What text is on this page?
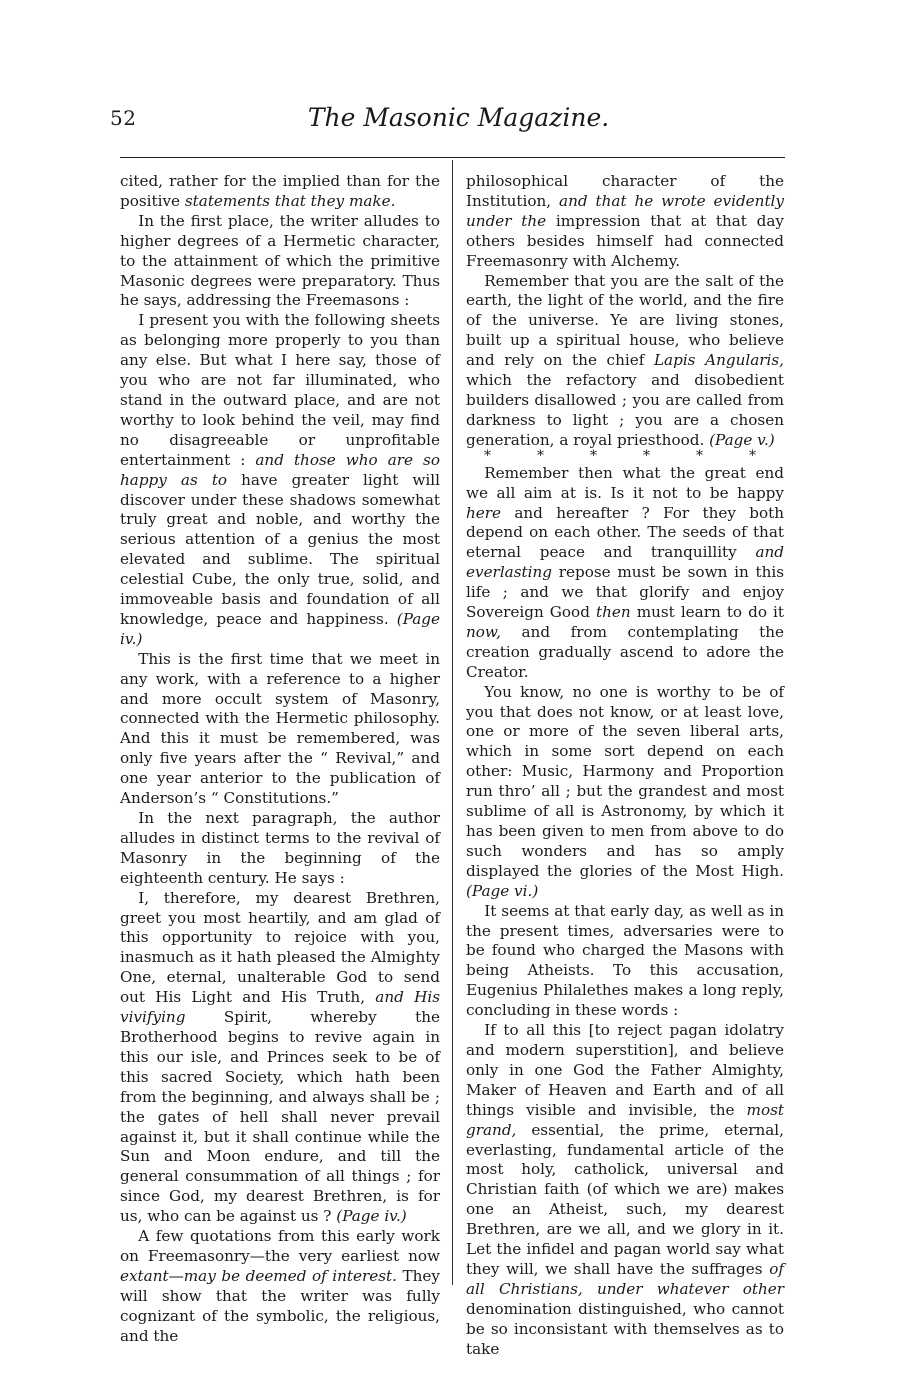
52	The Masonic Magazine.

cited, rather for the implied than for the positive statements that they make.

In the first place, the writer alludes to higher degrees of a Hermetic character, to the attainment of which the primitive Masonic degrees were preparatory. Thus he says, addressing the Freemasons :

I present you with the following sheets as belonging more properly to you than any else. But what I here say, those of you who are not far illuminated, who stand in the outward place, and are not worthy to look behind the veil, may find no disagreeable or unprofitable entertainment : and those who are so happy as to have greater light will discover under these shadows somewhat truly great and noble, and worthy the serious attention of a genius the most elevated and sublime. The spiritual celestial Cube, the only true, solid, and immoveable basis and foundation of all knowledge, peace and happiness. (Page iv.)

This is the first time that we meet in any work, with a reference to a higher and more occult system of Masonry, connected with the Hermetic philosophy. And this it must be remembered, was only five years after the “ Revival,” and one year anterior to the publication of Anderson’s “ Constitutions.”

In the next paragraph, the author alludes in distinct terms to the revival of Masonry in the beginning of the eighteenth century. He says :

I, therefore, my dearest Brethren, greet you most heartily, and am glad of this opportunity to rejoice with you, inasmuch as it hath pleased the Almighty One, eternal, unalterable God to send out His Light and His Truth, and His vivifying Spirit, whereby the Brotherhood begins to revive again in this our isle, and Princes seek to be of this sacred Society, which hath been from the beginning, and always shall be ; the gates of hell shall never prevail against it, but it shall continue while the Sun and Moon endure, and till the general consummation of all things ; for since God, my dearest Brethren, is for us, who can be against us ? (Page iv.)

A few quotations from this early work on Freemasonry—the very earliest now extant—may be deemed of interest. They will show that the writer was fully cognizant of the symbolic, the religious, and the

philosophical character of the Institution, and that he wrote evidently under the impression that at that day others besides himself had connected Freemasonry with Alchemy.

Remember that you are the salt of the earth, the light of the world, and the fire of the universe. Ye are living stones, built up a spiritual house, who believe and rely on the chief Lapis Angularis, which the refactory and disobedient builders disallowed ; you are called from darkness to light ; you are a chosen generation, a royal priesthood. (Page v.)

*	*	*	*	*	*

Remember then what the great end we all aim at is. Is it not to be happy here and hereafter ? For they both depend on each other. The seeds of that eternal peace and tranquillity and everlasting repose must be sown in this life ; and we that glorify and enjoy Sovereign Good then must learn to do it now, and from contemplating the creation gradually ascend to adore the Creator.

You know, no one is worthy to be of you that does not know, or at least love, one or more of the seven liberal arts, which in some sort depend on each other: Music, Harmony and Proportion run thro’ all ; but the grandest and most sublime of all is Astronomy, by which it has been given to men from above to do such wonders and has so amply displayed the glories of the Most High. (Page vi.)

It seems at that early day, as well as in the present times, adversaries were to be found who charged the Masons with being Atheists. To this accusation, Eugenius Philalethes makes a long reply, concluding in these words :

If to all this [to reject pagan idolatry and modern superstition], and believe only in one God the Father Almighty, Maker of Heaven and Earth and of all things visible and invisible, the most grand, essential, the prime, eternal, everlasting, fundamental article of the most holy, catholick, universal and Christian faith (of which we are) makes one an Atheist, such, my dearest Brethren, are we all, and we glory in it. Let the infidel and pagan world say what they will, we shall have the suffrages of all Christians, under whatever other denomination distinguished, who cannot be so inconsistant with themselves as to take
